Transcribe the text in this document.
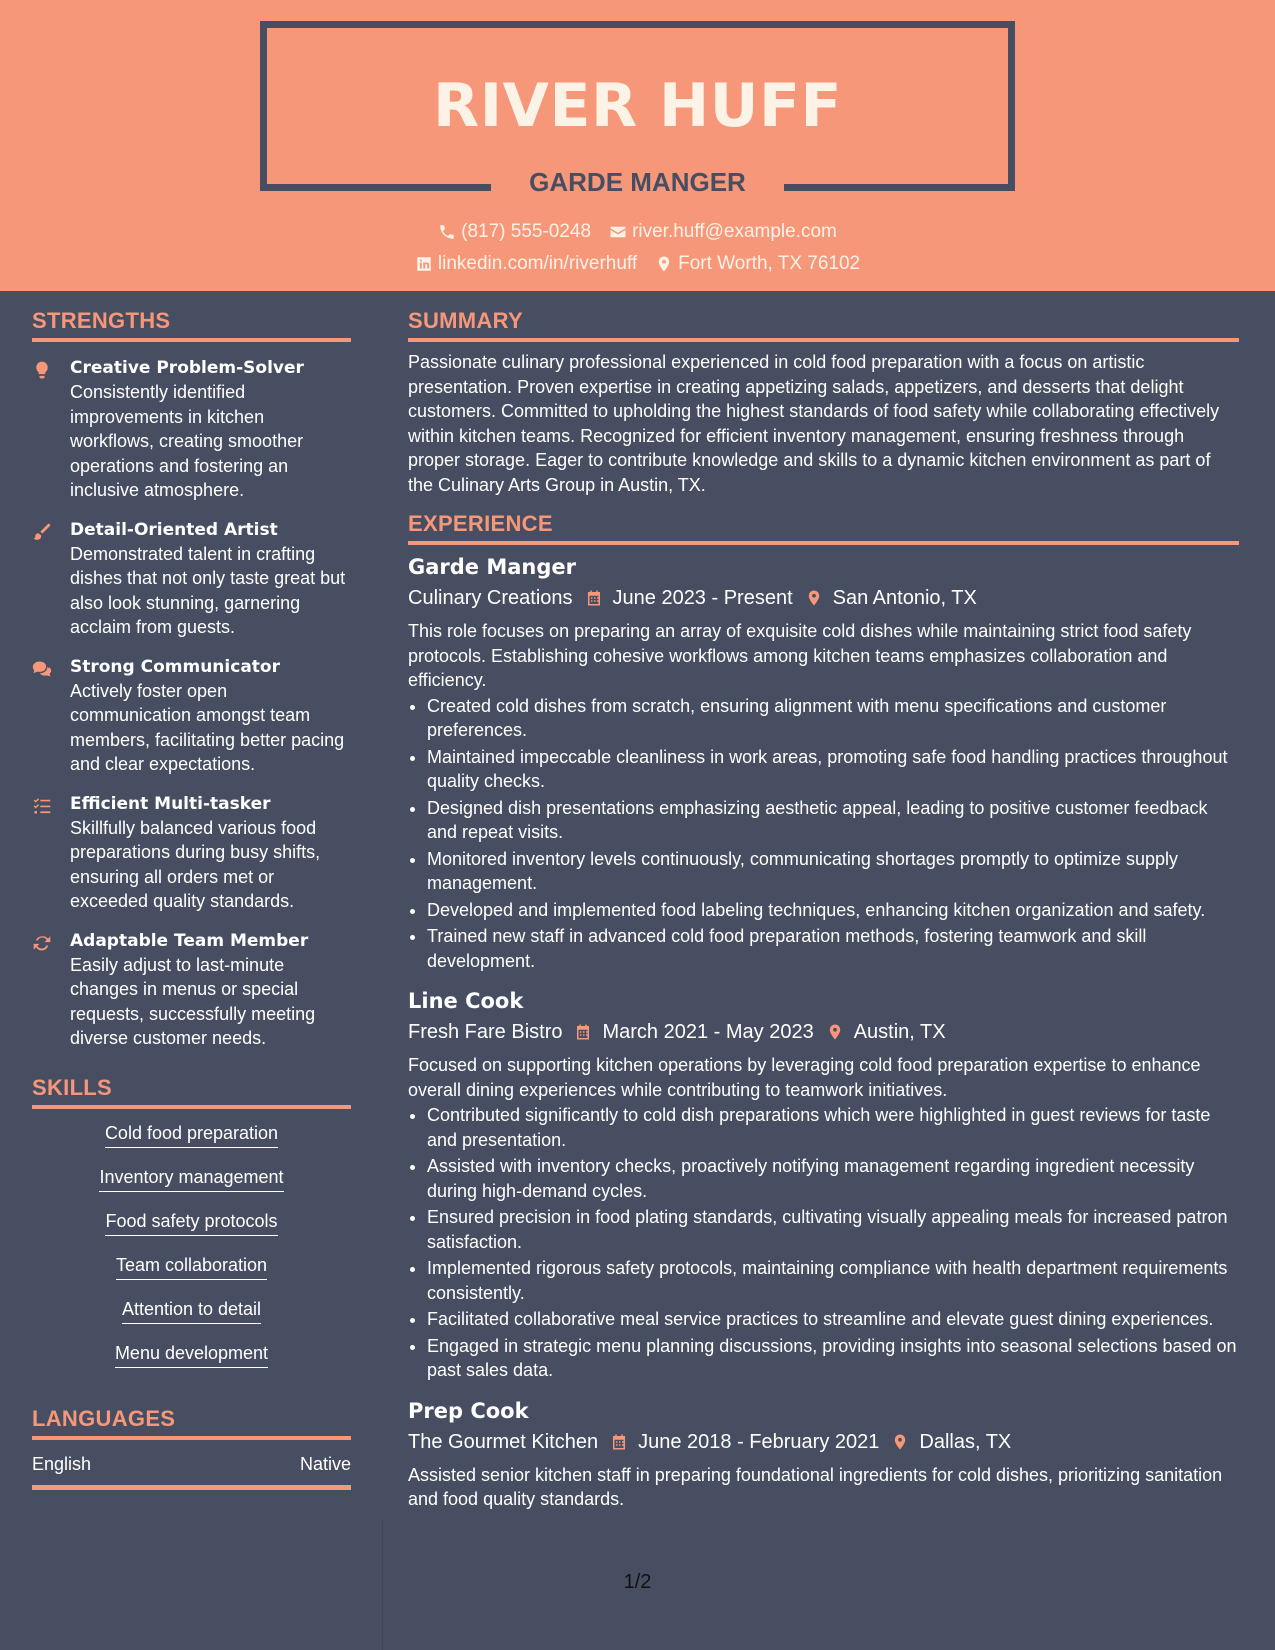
RIVER HUFF
GARDE MANGER
(817) 555-0248 river.huff@example.com
linkedin.com/in/riverhuff Fort Worth, TX 76102
STRENGTHS
Creative Problem-Solver
Consistently identified improvements in kitchen workflows, creating smoother operations and fostering an inclusive atmosphere.
Detail-Oriented Artist
Demonstrated talent in crafting dishes that not only taste great but also look stunning, garnering acclaim from guests.
Strong Communicator
Actively foster open communication amongst team members, facilitating better pacing and clear expectations.
Efficient Multi-tasker
Skillfully balanced various food preparations during busy shifts, ensuring all orders met or exceeded quality standards.
Adaptable Team Member
Easily adjust to last-minute changes in menus or special requests, successfully meeting diverse customer needs.
SKILLS
Cold food preparation
Inventory management
Food safety protocols
Team collaboration
Attention to detail
Menu development
LANGUAGES
English	Native
SUMMARY
Passionate culinary professional experienced in cold food preparation with a focus on artistic presentation. Proven expertise in creating appetizing salads, appetizers, and desserts that delight customers. Committed to upholding the highest standards of food safety while collaborating effectively within kitchen teams. Recognized for efficient inventory management, ensuring freshness through proper storage. Eager to contribute knowledge and skills to a dynamic kitchen environment as part of the Culinary Arts Group in Austin, TX.
EXPERIENCE
Garde Manger
Culinary Creations June 2023 - Present San Antonio, TX
This role focuses on preparing an array of exquisite cold dishes while maintaining strict food safety protocols. Establishing cohesive workflows among kitchen teams emphasizes collaboration and efficiency.
• Created cold dishes from scratch, ensuring alignment with menu specifications and customer preferences.
• Maintained impeccable cleanliness in work areas, promoting safe food handling practices throughout quality checks.
• Designed dish presentations emphasizing aesthetic appeal, leading to positive customer feedback and repeat visits.
• Monitored inventory levels continuously, communicating shortages promptly to optimize supply management.
• Developed and implemented food labeling techniques, enhancing kitchen organization and safety.
• Trained new staff in advanced cold food preparation methods, fostering teamwork and skill development.
Line Cook
Fresh Fare Bistro March 2021 - May 2023 Austin, TX
Focused on supporting kitchen operations by leveraging cold food preparation expertise to enhance overall dining experiences while contributing to teamwork initiatives.
• Contributed significantly to cold dish preparations which were highlighted in guest reviews for taste and presentation.
• Assisted with inventory checks, proactively notifying management regarding ingredient necessity during high-demand cycles.
• Ensured precision in food plating standards, cultivating visually appealing meals for increased patron satisfaction.
• Implemented rigorous safety protocols, maintaining compliance with health department requirements consistently.
• Facilitated collaborative meal service practices to streamline and elevate guest dining experiences.
• Engaged in strategic menu planning discussions, providing insights into seasonal selections based on past sales data.
Prep Cook
The Gourmet Kitchen June 2018 - February 2021 Dallas, TX
Assisted senior kitchen staff in preparing foundational ingredients for cold dishes, prioritizing sanitation and food quality standards.
1/2
